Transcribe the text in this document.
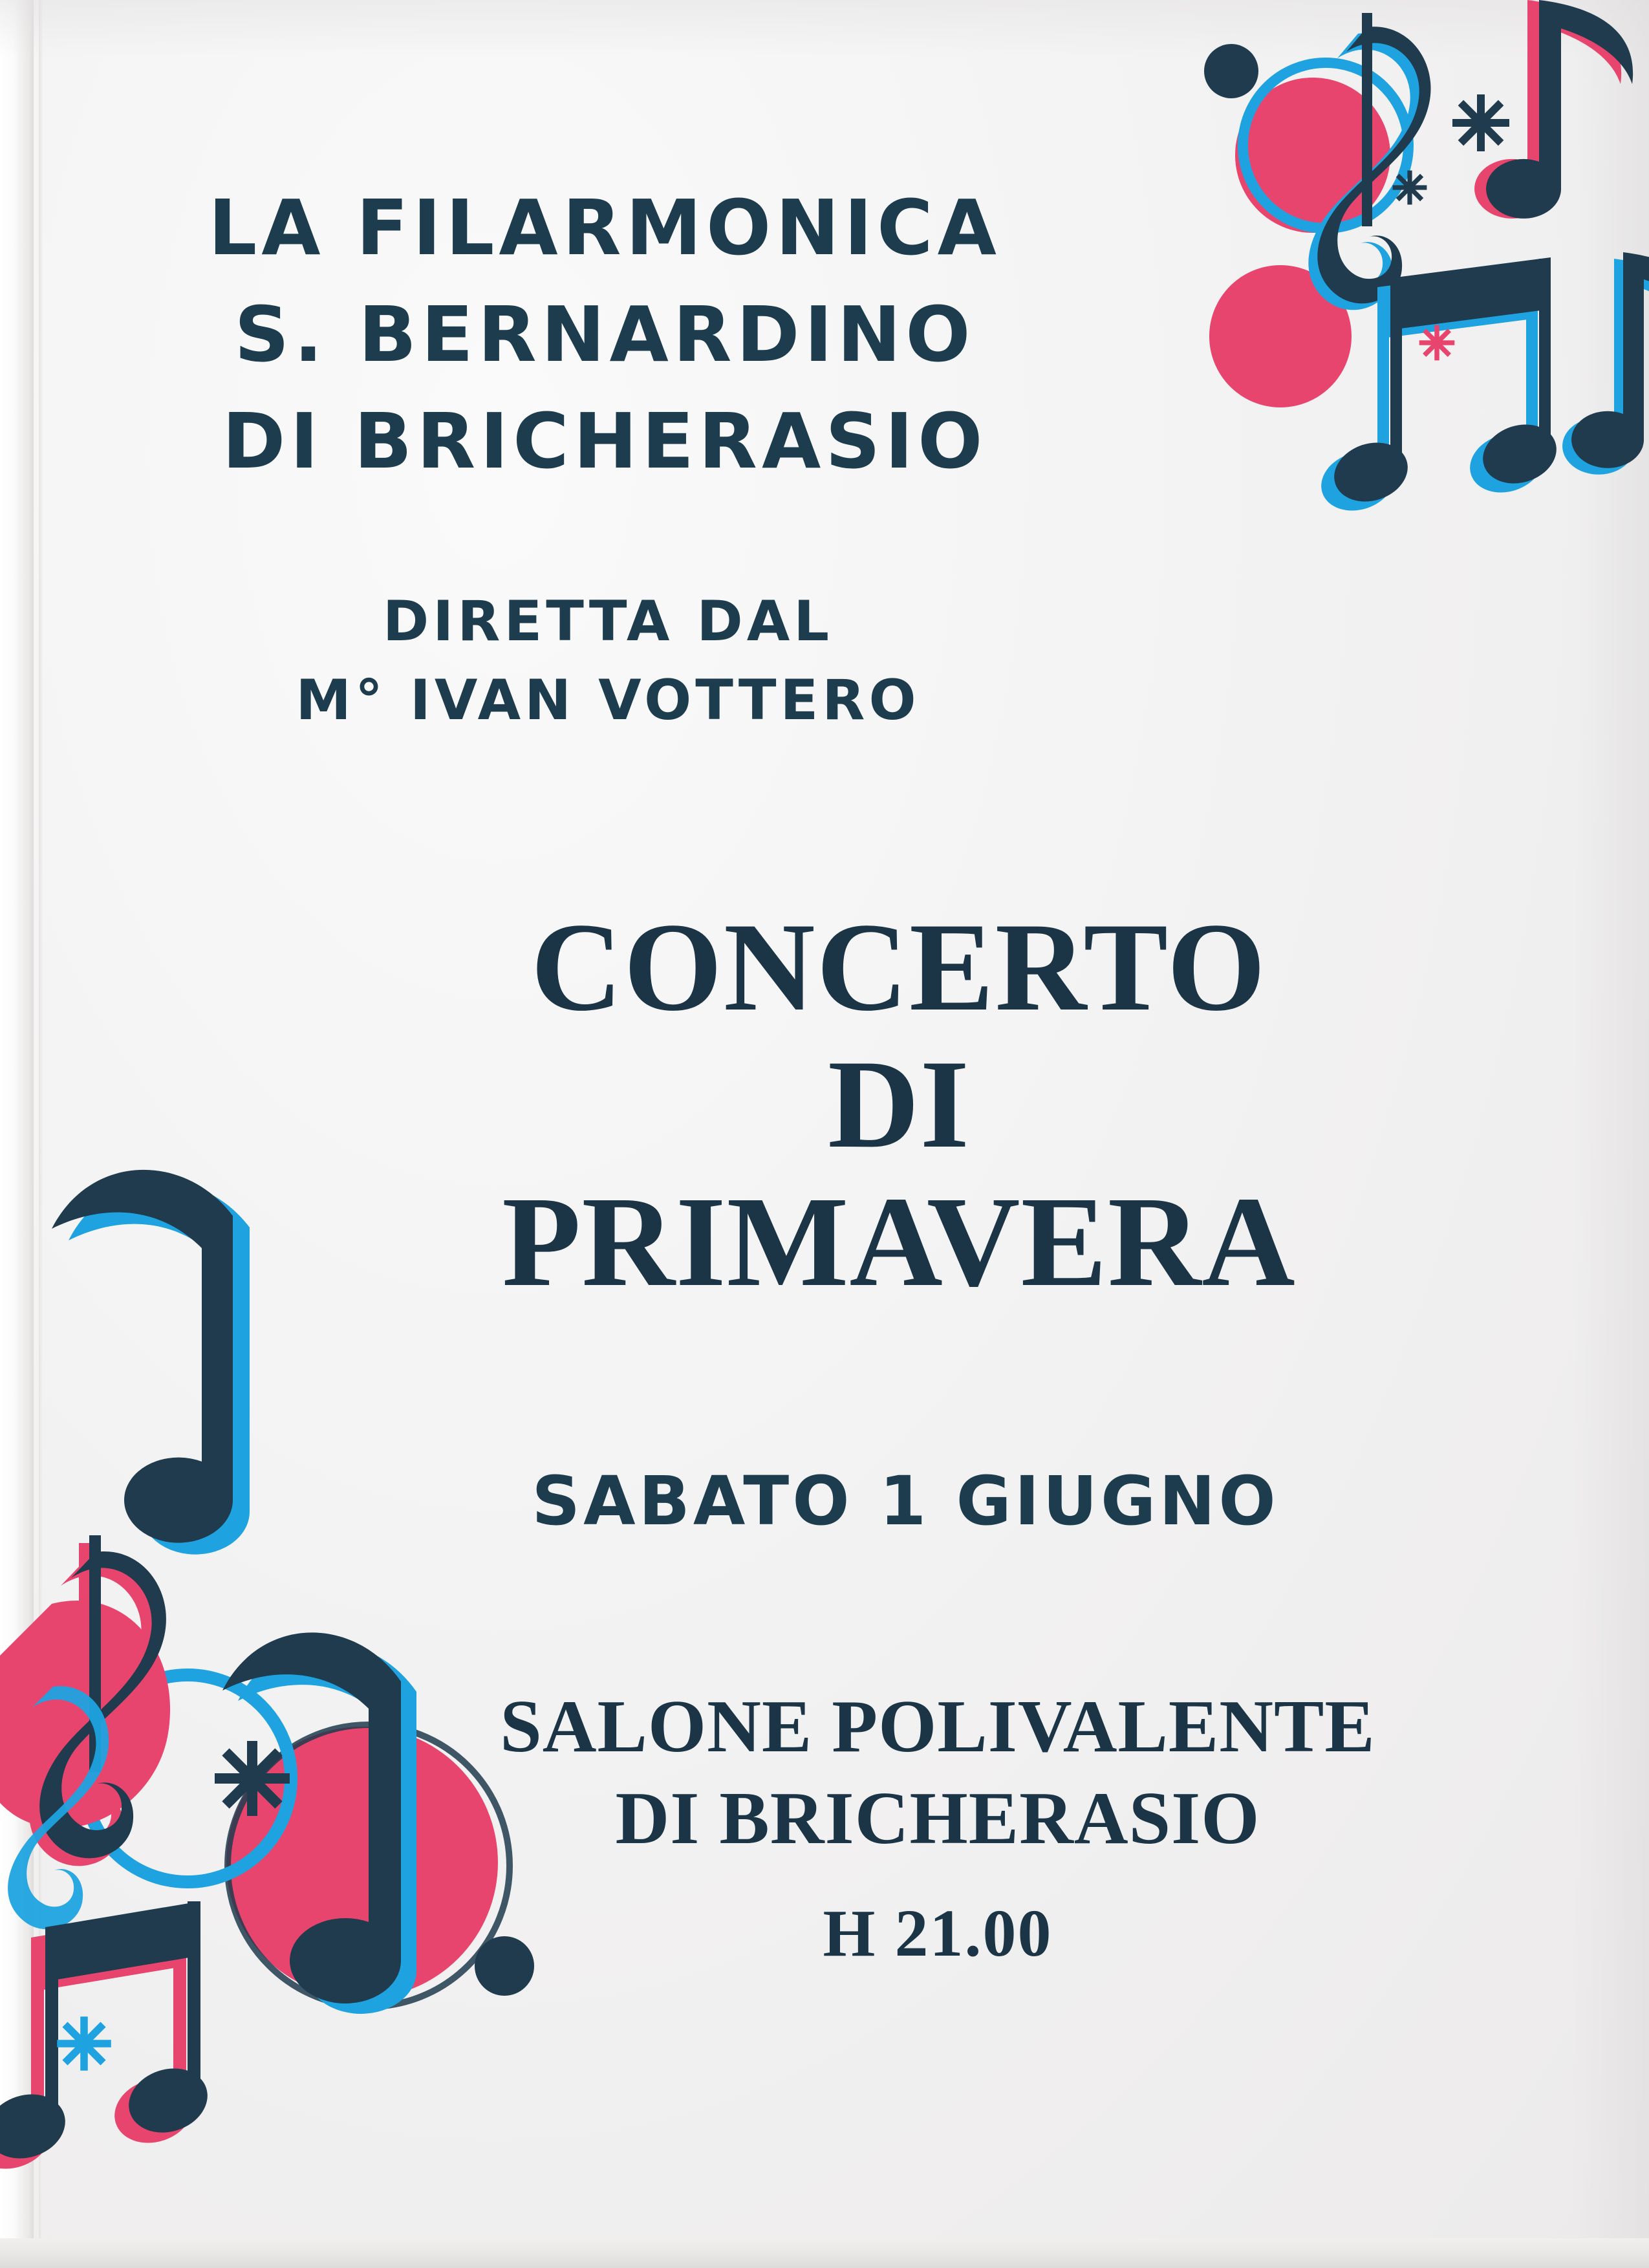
LA FILARMONICA
S. BERNARDINO
DI BRICHERASIO
DIRETTA DAL
M° IVAN VOTTERO
CONCERTO
DI
PRIMAVERA
SABATO 1 GIUGNO
SALONE POLIVALENTE
DI BRICHERASIO
H 21.00
